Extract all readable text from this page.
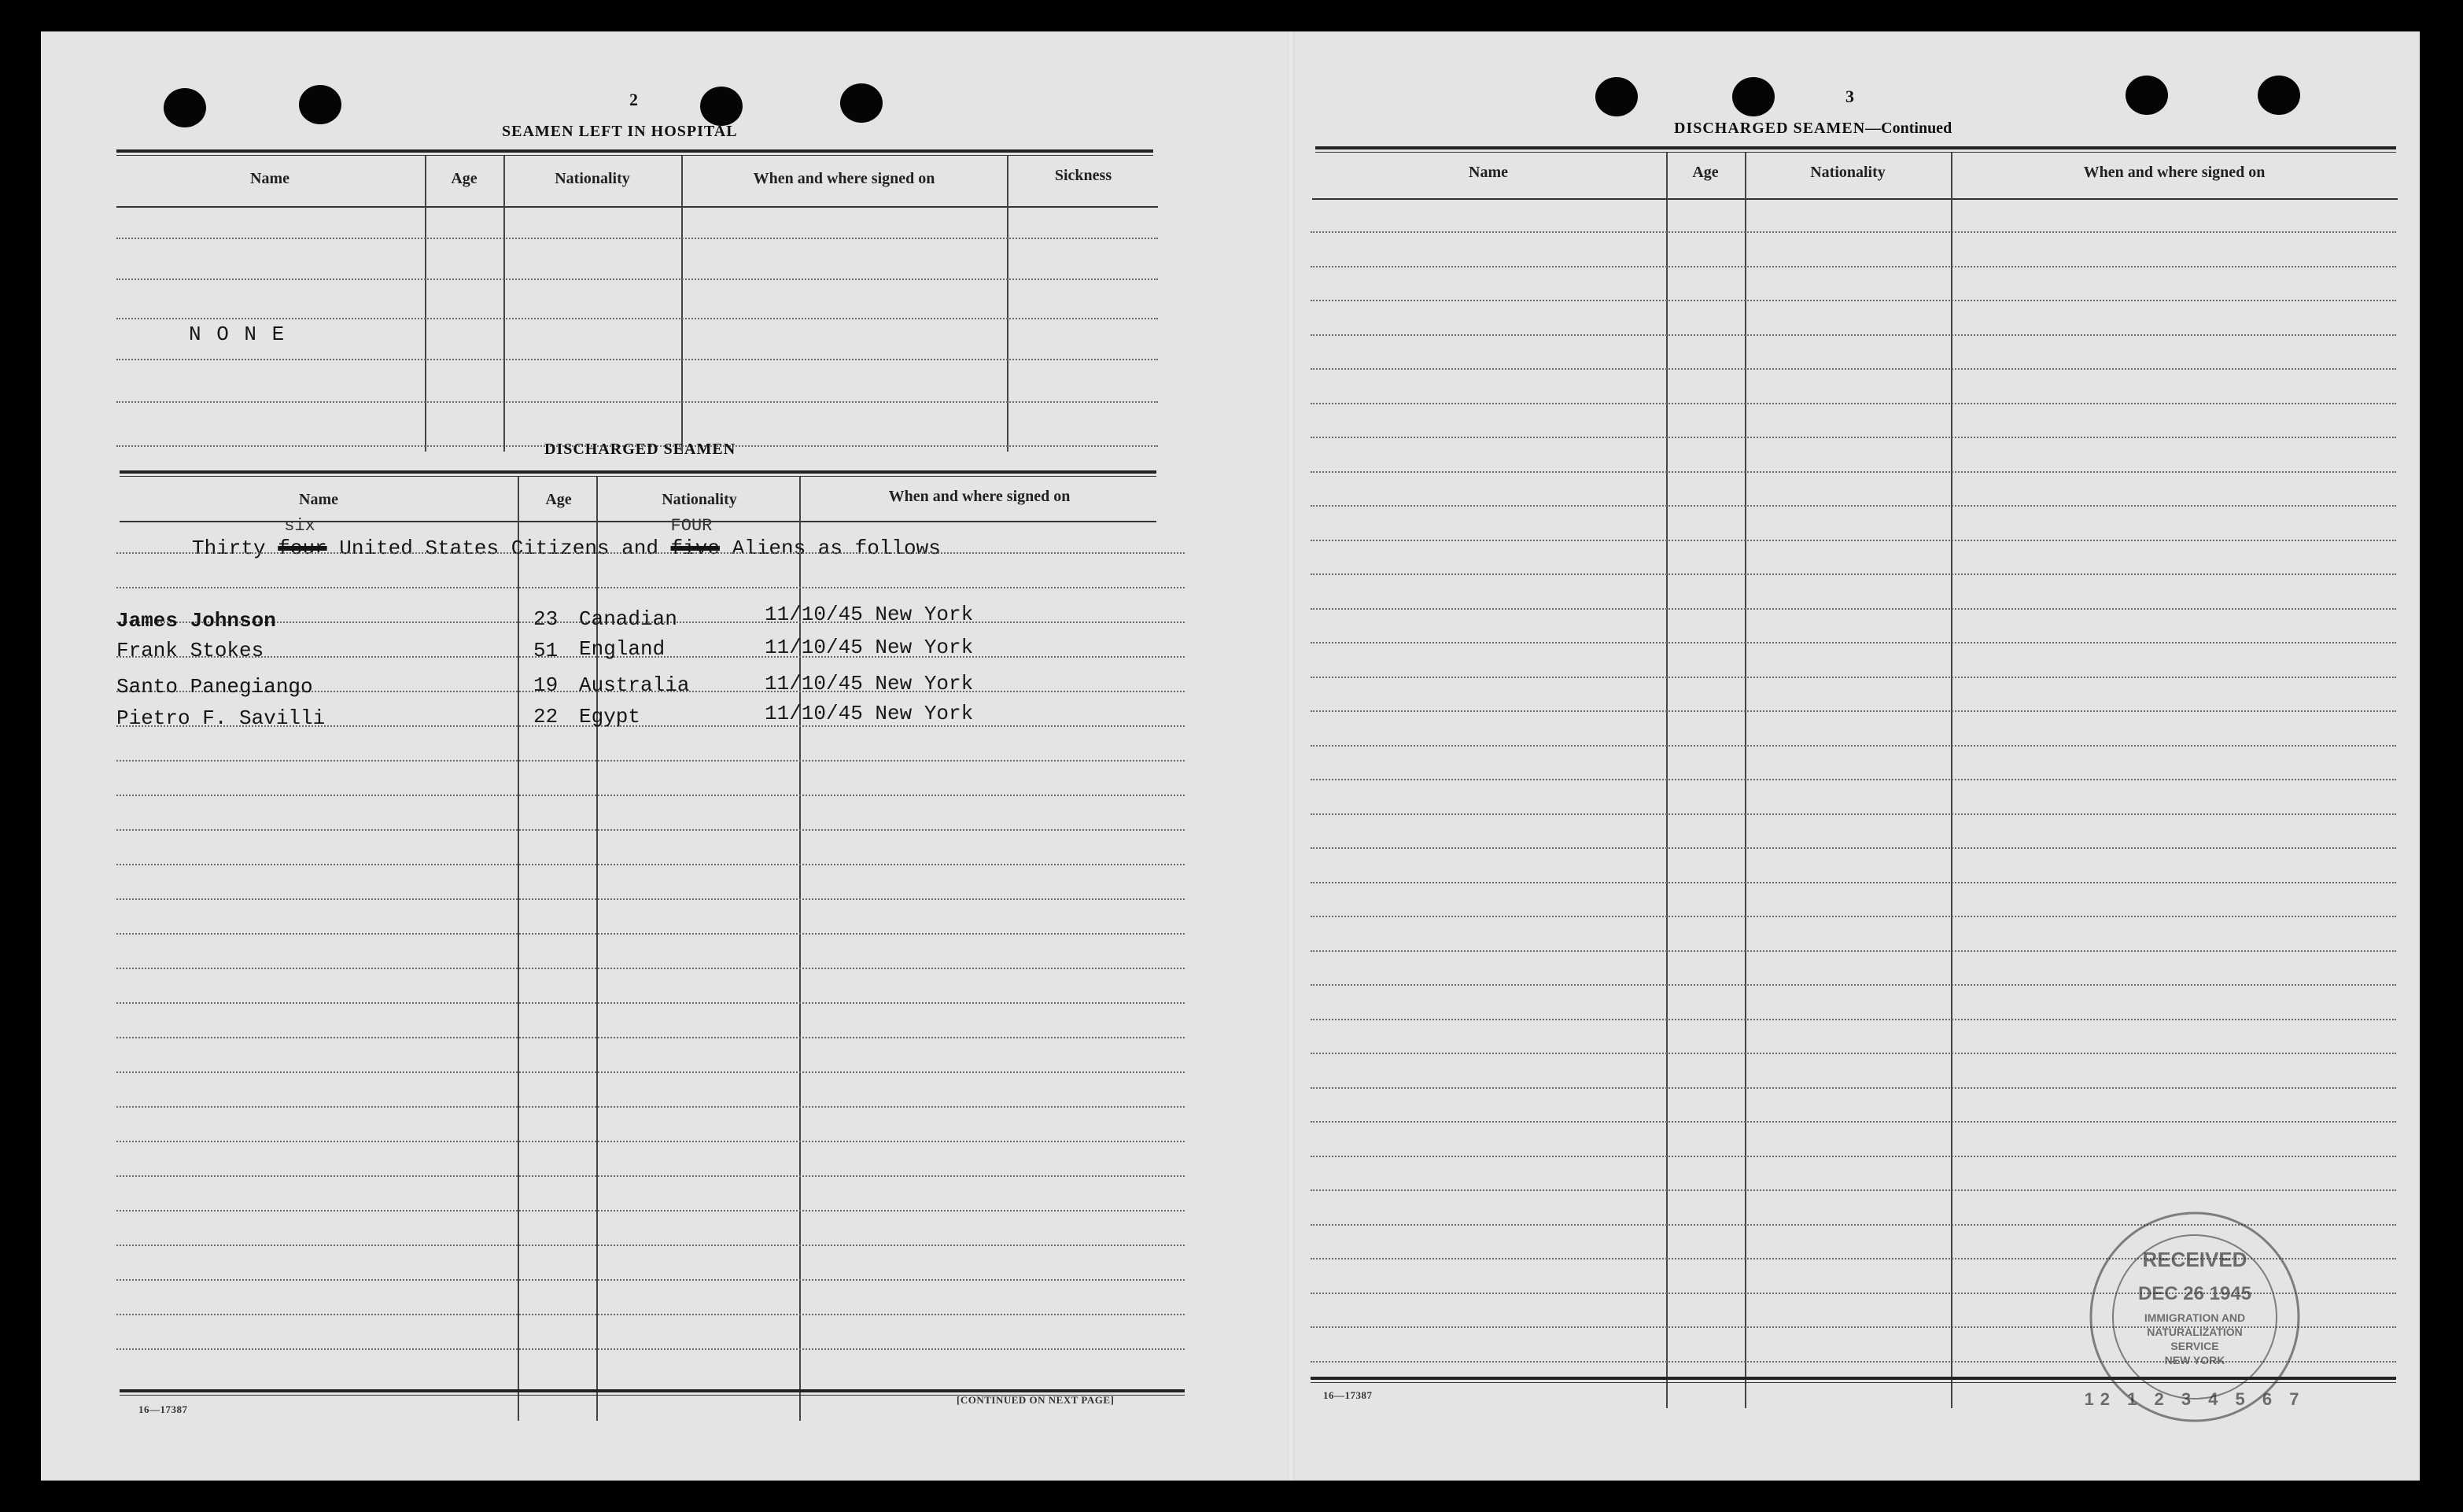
2
SEAMEN LEFT IN HOSPITAL
Name	Age	Nationality	When and where signed on	Sickness
N O N E
DISCHARGED SEAMEN
Name	Age	Nationality	When and where signed on
Thirty
six
four United States Citizens and
FOUR
five Aliens as follows
James Johnson	23 Canadian	11/10/45 New York
Frank Stokes	51 England	11/10/45 New York
Santo Panegiango	19 Australia	11/10/45 New York
Pietro F. Savilli	22 Egypt	11/10/45 New York
16—17387
[CONTINUED ON NEXT PAGE]
3
DISCHARGED SEAMEN—Continued
Name	Age	Nationality	When and where signed on
16—17387
RECEIVED
DEC 26 1945
IMMIGRATION AND
NATURALIZATION
SERVICE
NEW YORK
12 1 2 3 4 5 6 7
